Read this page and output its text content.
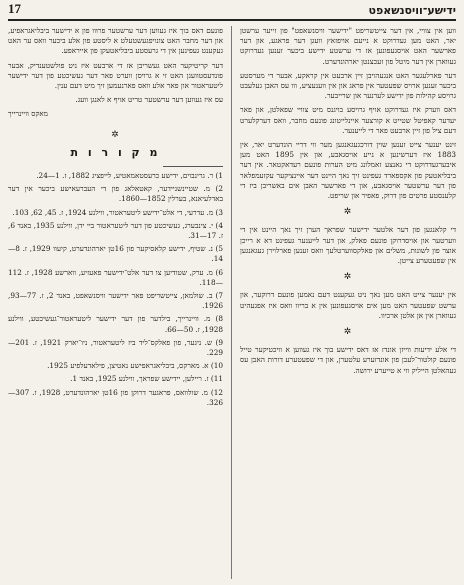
17	ידישע־וויסנשאפט

ווען אין צוויי, אין דער צייטשריפט "ידישער וויסנשאפט" פון זייער ערשטן יאר, האט מען געדרוקט א נייעם אויפזאץ וועגן דער פראגע, און דער פארשער האט אויסגעפונען אז די ערשטע ידישע ביכער זענען געדרוקט געווארן אין דער מיטל פון זעכצנטן יארהונדערט.

דער פארלעגער האט אנגעהויבן זיין ארבעט אין קראקע, אבער די מערסטע ביכער זענען ארויס שפעטער אין פראג און אין ווענעציע, ווו עס האבן געלעבט גרויסע קהילות פון ידישע לערנער און שרייבער.

דאס ווערק איז געדרוקט אויף גרויסע בויגנס מיט צוויי שפאלטן, און פאר יעדער קאפיטל שטייט א קורצער איינלייטונג פונעם מחבר, וואס דערקלערט דעם ציל פון זיין ארבעט פאר די לייענער.

זינט יענער צייט זענען שוין דורכגעגאנגען מער ווי דריי הונדערט יאר, אין 1883 איז דערשינען א נייע אויסגאבע, און אין 1895 האט מען איבערגעדרוקט די גאנצע זאמלונג מיט הערות פונעם רעדאקטאר. אין דער ביבליאטעק פון אקספארד געפינט זיך נאך היינט דער איינציקער עקזעמפלאר פון דער ערשטער אויסגאבע, און די פארשער האבן אים באשריבן ביז די קלענסטע פרטים פון דרוק, פאפיר און שריפט.

✲

די קלאנגען פון דער אלטער ידישער שפראך הערן זיך נאך היינט אין די ווערטער און אויסדרוקן פונעם פאלק, און דער לייענער געפינט דא א רייכן אוצר פון לשונות, משלים און פאלקסווערטלעך וואס זענען פארלוירן געגאנגען אין שפעטערע צייטן.

✲

אין יענער צייט האט מען נאך ניט געקענט דעם נאמען פונעם דרוקער, און ערשט שפעטער האט מען אים אויסגעפונען אין א בריוו וואס איז אפגעהיט געווארן אין אן אלטן ארכיוו.

✲

די אלע ידיעות ווייזן אונדז אז דאס ידישע בוך איז געווען א וויכטיקער טייל פונעם קולטור־לעבן פון אונדזערע עלטערן, און די שפעטערע דורות האבן עס געהאלטן הייליק ווי א טייערע ירושה.

פונעם דאס בוך איז געווען דער ערשטער פרוּוו פון א ידישער ביבליאגראפיע, און דער מחבר האט צונויפגעשטעלט א ליסטע פון אלע ביכער וואס ער האט געקענט געפינען אין די גרעסטע ביבליאטעקן פון אייראפע.

דער קריטיקער האט געשריבן אז די ארבעט איז ניט פולשטענדיק, אבער פונדעסטוועגן האט זי א גרויסן ווערט פאר דער געשיכטע פון דער ידישער ליטעראטור און פאר אלע וואס פארנעמען זיך מיט דעם ענין.

עס איז געווען דער ערשטער טריט אויף א לאנגן וועג.

מאקס וויינרייך
✲
מ ק ו ר ו ת
1) ר. גרינבוים, ידישע כרעסטאמאטיע, לייפציג 1882, ז. 1—24.
2) מ. שטיינשניידער, קאטאלאג פון די העברעאישע ביכער אין דער באדלעיאנא, בערלין 1852—1860.
3) מ. עדרעי, די אלט־ידישע ליטעראטור, ווילנע 1924, ז. 45, 62, 103.
4) י. צינבערג, געשיכטע פון דער ליטעראטור ביי ידן, ווילנע 1935, באנד 6, ז. 17—31.
5) נ. שטיף, ידישע קלאסיקער פון 16טן יארהונדערט, קיעוו 1929, ז. 8—14.
6) מ. ערק, שטודיען צו דער אלט־ידישער פאעזיע, ווארשע 1928, ז. 112—118.
7) ב. שולמאן, צייטשריפט פאר ידישער וויסנשאפט, באנד 2, ז. 77—93, 1926.
8) מ. וויינרייך, בילדער פון דער ידישער ליטעראטור־געשיכטע, ווילנע 1928, ז. 50—66.
9) ש. ניגער, פון פאלקס־ליד ביז ליטעראטור, ניו־יארק 1921, ז. 201—229.
10) א. מארקס, ביבליאגראפישע נאטיצן, פילאדעלפיע 1925.
11) ז. ריילען, יידישע שפראך, ווילנע 1925, באנד 1.
12) מ. שולוואס, פראגער דרוקן פון 16טן יארהונדערט, 1928, ז. 307—326.
